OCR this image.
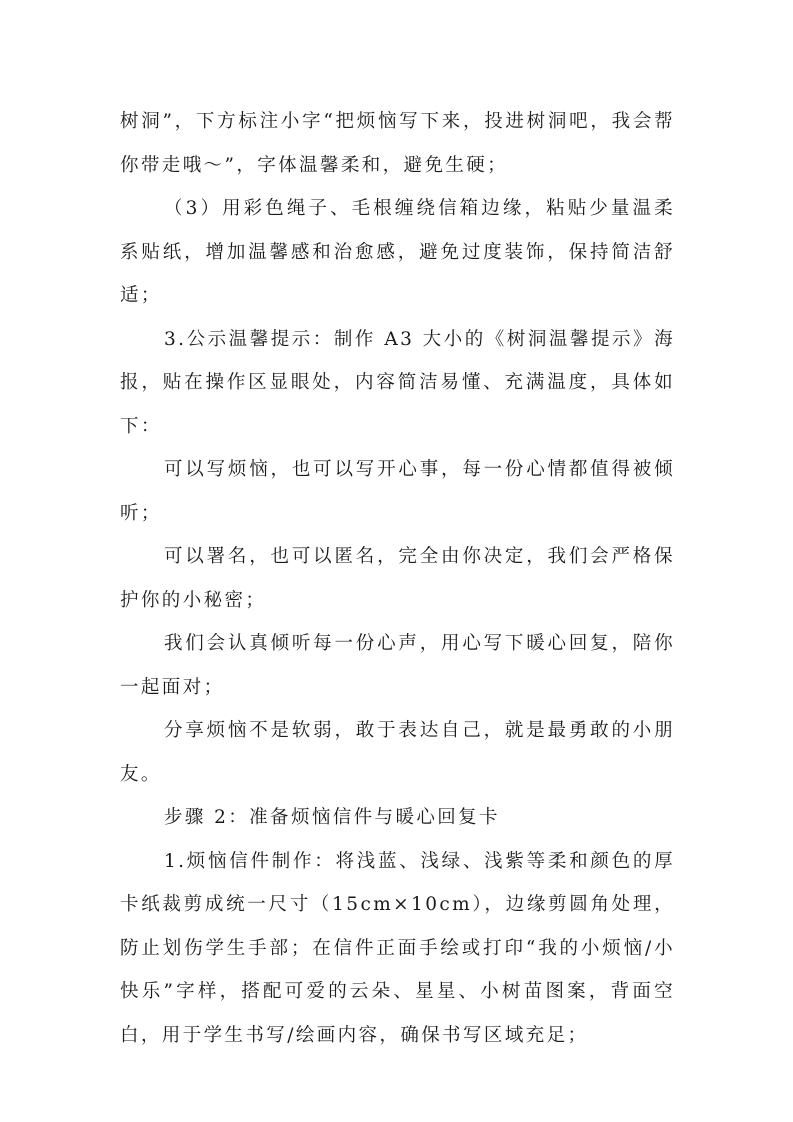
树洞”，下方标注小字“把烦恼写下来，投进树洞吧，我会帮你带走哦～”，字体温馨柔和，避免生硬；

（3）用彩色绳子、毛根缠绕信箱边缘，粘贴少量温柔系贴纸，增加温馨感和治愈感，避免过度装饰，保持简洁舒适；

3.公示温馨提示：制作 A3 大小的《树洞温馨提示》海报，贴在操作区显眼处，内容简洁易懂、充满温度，具体如下：

可以写烦恼，也可以写开心事，每一份心情都值得被倾听；

可以署名，也可以匿名，完全由你决定，我们会严格保护你的小秘密；

我们会认真倾听每一份心声，用心写下暖心回复，陪你一起面对；

分享烦恼不是软弱，敢于表达自己，就是最勇敢的小朋友。

步骤 2：准备烦恼信件与暖心回复卡

1.烦恼信件制作：将浅蓝、浅绿、浅紫等柔和颜色的厚卡纸裁剪成统一尺寸（15cm×10cm），边缘剪圆角处理，防止划伤学生手部；在信件正面手绘或打印“我的小烦恼/小快乐”字样，搭配可爱的云朵、星星、小树苗图案，背面空白，用于学生书写/绘画内容，确保书写区域充足；
